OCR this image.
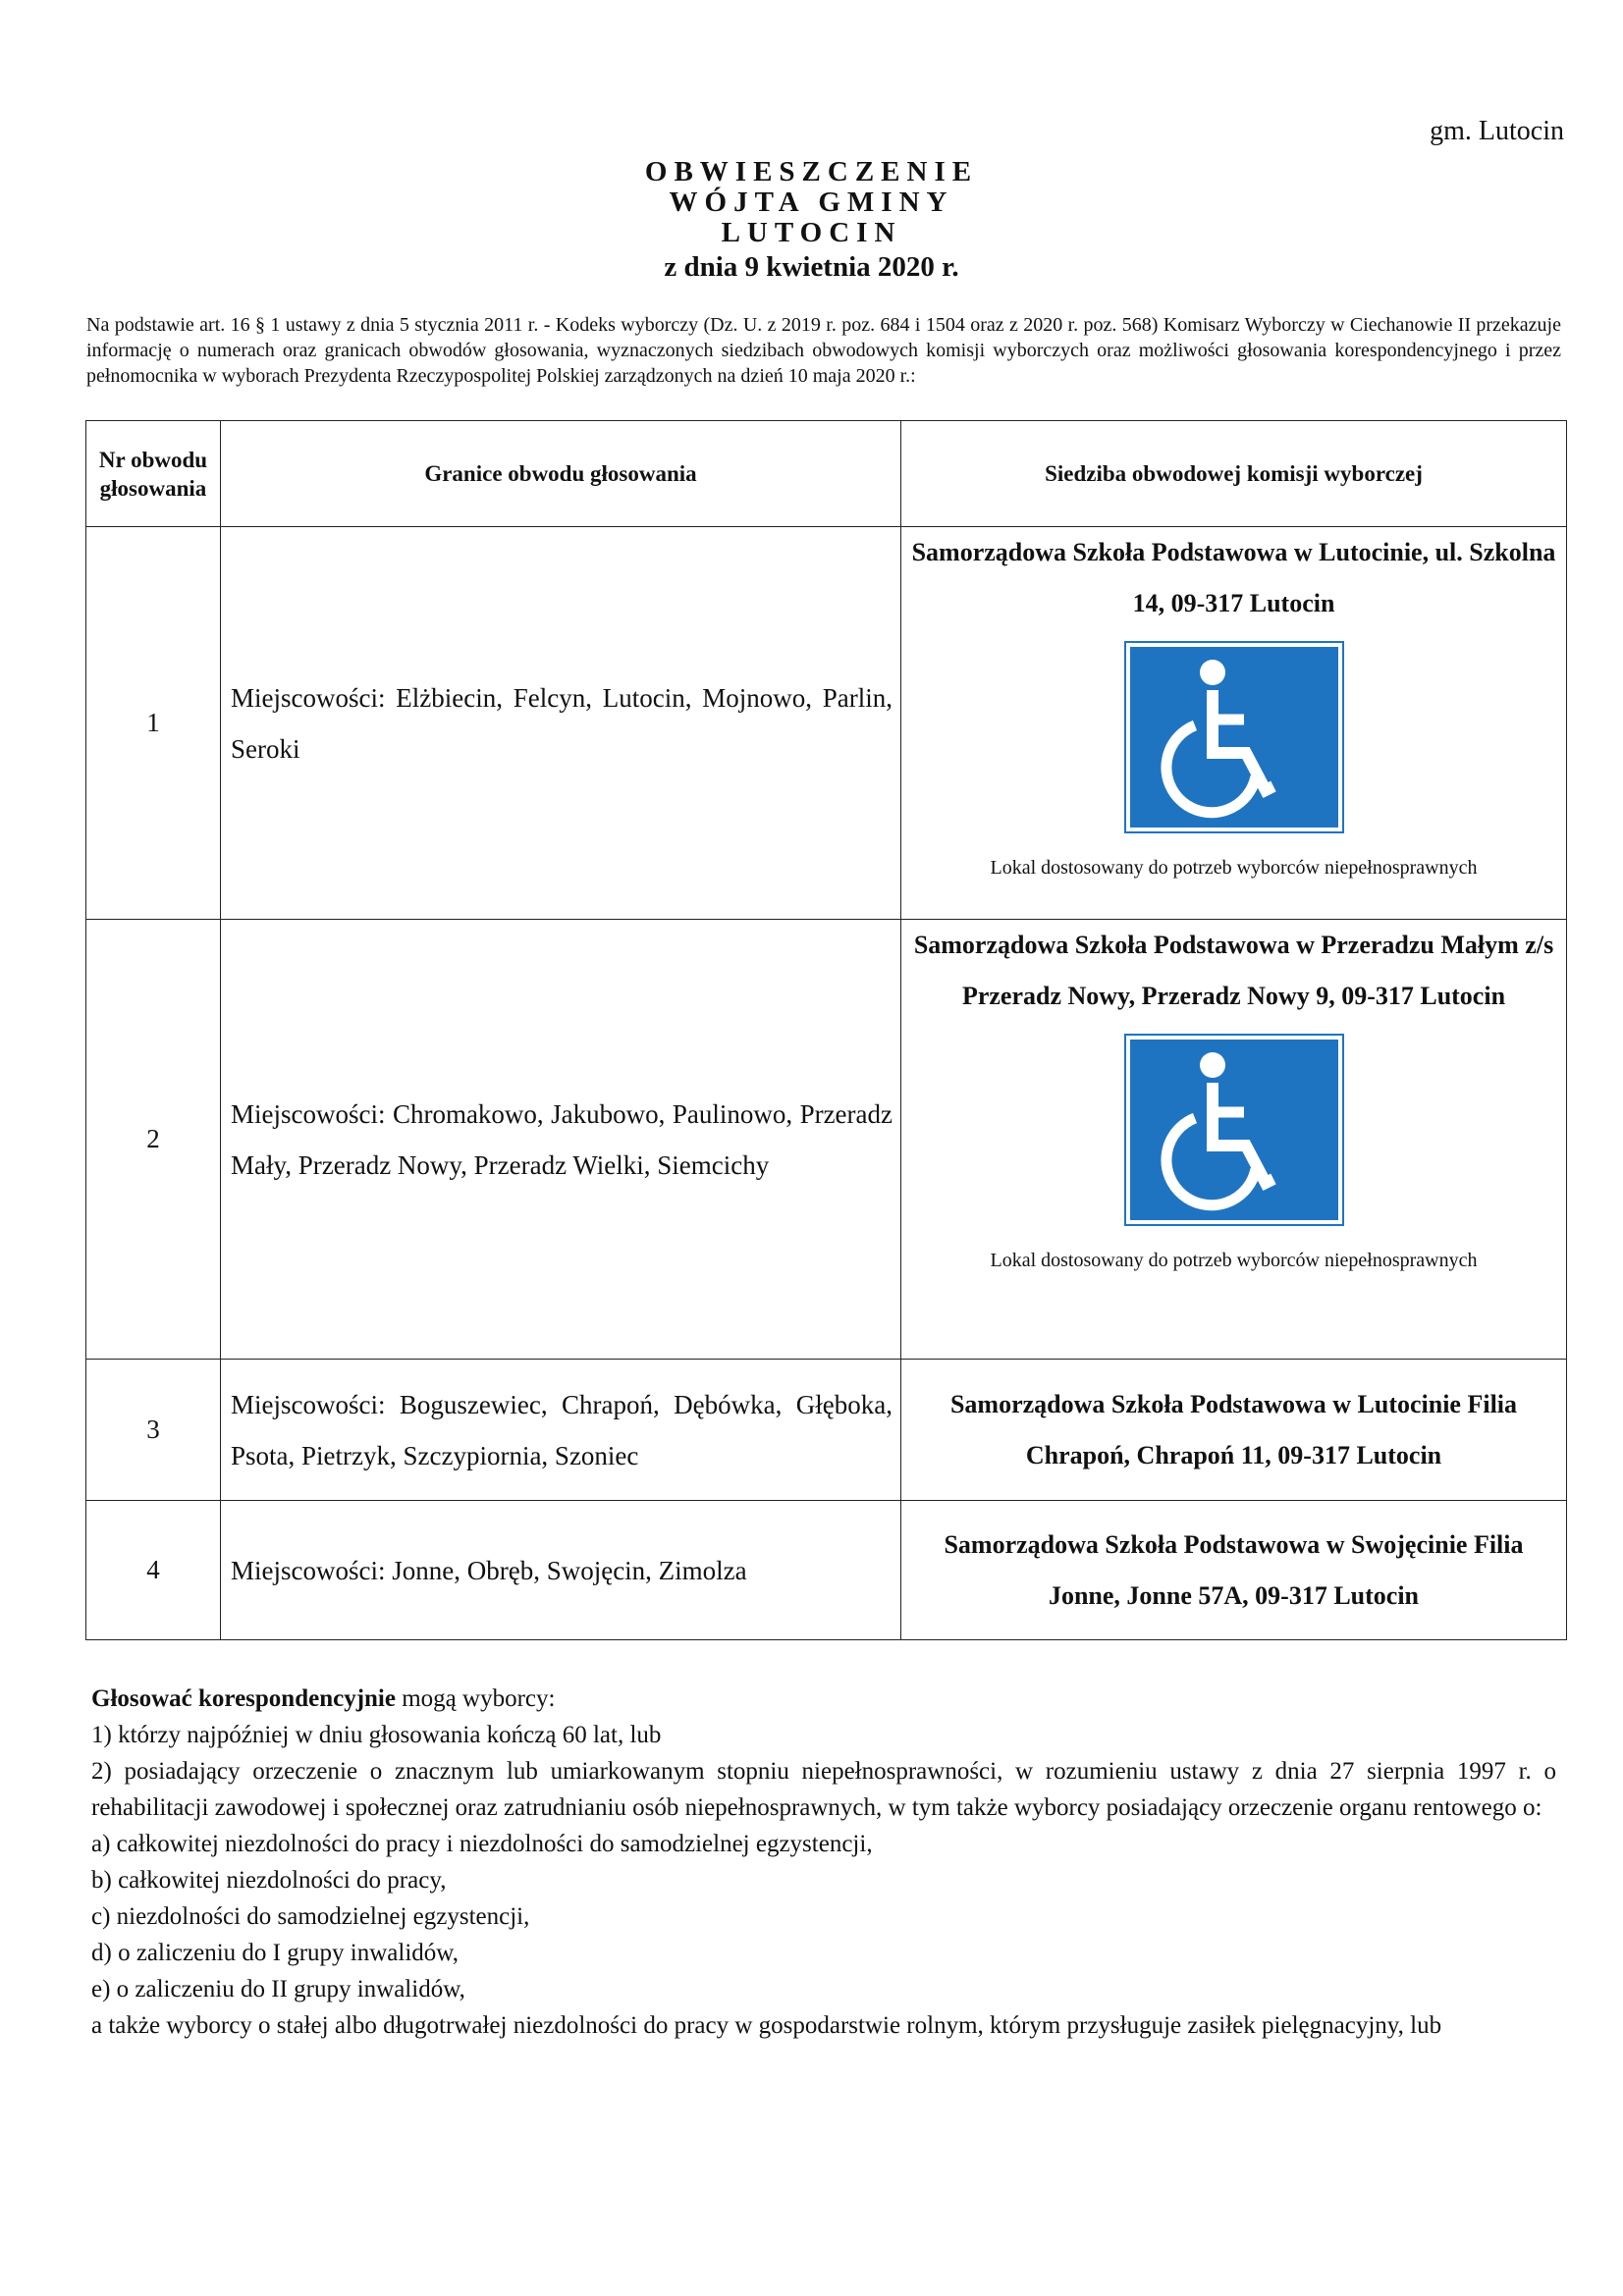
gm. Lutocin
OBWIESZCZENIE
WÓJTA GMINY
LUTOCIN
z dnia 9 kwietnia 2020 r.
Na podstawie art. 16 § 1 ustawy z dnia 5 stycznia 2011 r. - Kodeks wyborczy (Dz. U. z 2019 r. poz. 684 i 1504 oraz z 2020 r. poz. 568) Komisarz Wyborczy w Ciechanowie II przekazuje informację o numerach oraz granicach obwodów głosowania, wyznaczonych siedzibach obwodowych komisji wyborczych oraz możliwości głosowania korespondencyjnego i przez pełnomocnika w wyborach Prezydenta Rzeczypospolitej Polskiej zarządzonych na dzień 10 maja 2020 r.:
Nr obwodu głosowania	Granice obwodu głosowania	Siedziba obwodowej komisji wyborczej
1	Miejscowości: Elżbiecin, Felcyn, Lutocin, Mojnowo, Parlin, Seroki	Samorządowa Szkoła Podstawowa w Lutocinie, ul. Szkolna 14, 09-317 Lutocin
Lokal dostosowany do potrzeb wyborców niepełnosprawnych

2	Miejscowości: Chromakowo, Jakubowo, Paulinowo, Przeradz Mały, Przeradz Nowy, Przeradz Wielki, Siemcichy	Samorządowa Szkoła Podstawowa w Przeradzu Małym z/s Przeradz Nowy, Przeradz Nowy 9, 09-317 Lutocin
Lokal dostosowany do potrzeb wyborców niepełnosprawnych

3	Miejscowości: Boguszewiec, Chrapoń, Dębówka, Głęboka, Psota, Pietrzyk, Szczypiornia, Szoniec	Samorządowa Szkoła Podstawowa w Lutocinie Filia Chrapoń, Chrapoń 11, 09-317 Lutocin

4	Miejscowości: Jonne, Obręb, Swojęcin, Zimolza	Samorządowa Szkoła Podstawowa w Swojęcinie Filia Jonne, Jonne 57A, 09-317 Lutocin

Głosować korespondencyjnie mogą wyborcy:

1) którzy najpóźniej w dniu głosowania kończą 60 lat, lub

2) posiadający orzeczenie o znacznym lub umiarkowanym stopniu niepełnosprawności, w rozumieniu ustawy z dnia 27 sierpnia 1997 r. o rehabilitacji zawodowej i społecznej oraz zatrudnianiu osób niepełnosprawnych, w tym także wyborcy posiadający orzeczenie organu rentowego o:

a) całkowitej niezdolności do pracy i niezdolności do samodzielnej egzystencji,

b) całkowitej niezdolności do pracy,

c) niezdolności do samodzielnej egzystencji,

d) o zaliczeniu do I grupy inwalidów,

e) o zaliczeniu do II grupy inwalidów,

a także wyborcy o stałej albo długotrwałej niezdolności do pracy w gospodarstwie rolnym, którym przysługuje zasiłek pielęgnacyjny, lub
